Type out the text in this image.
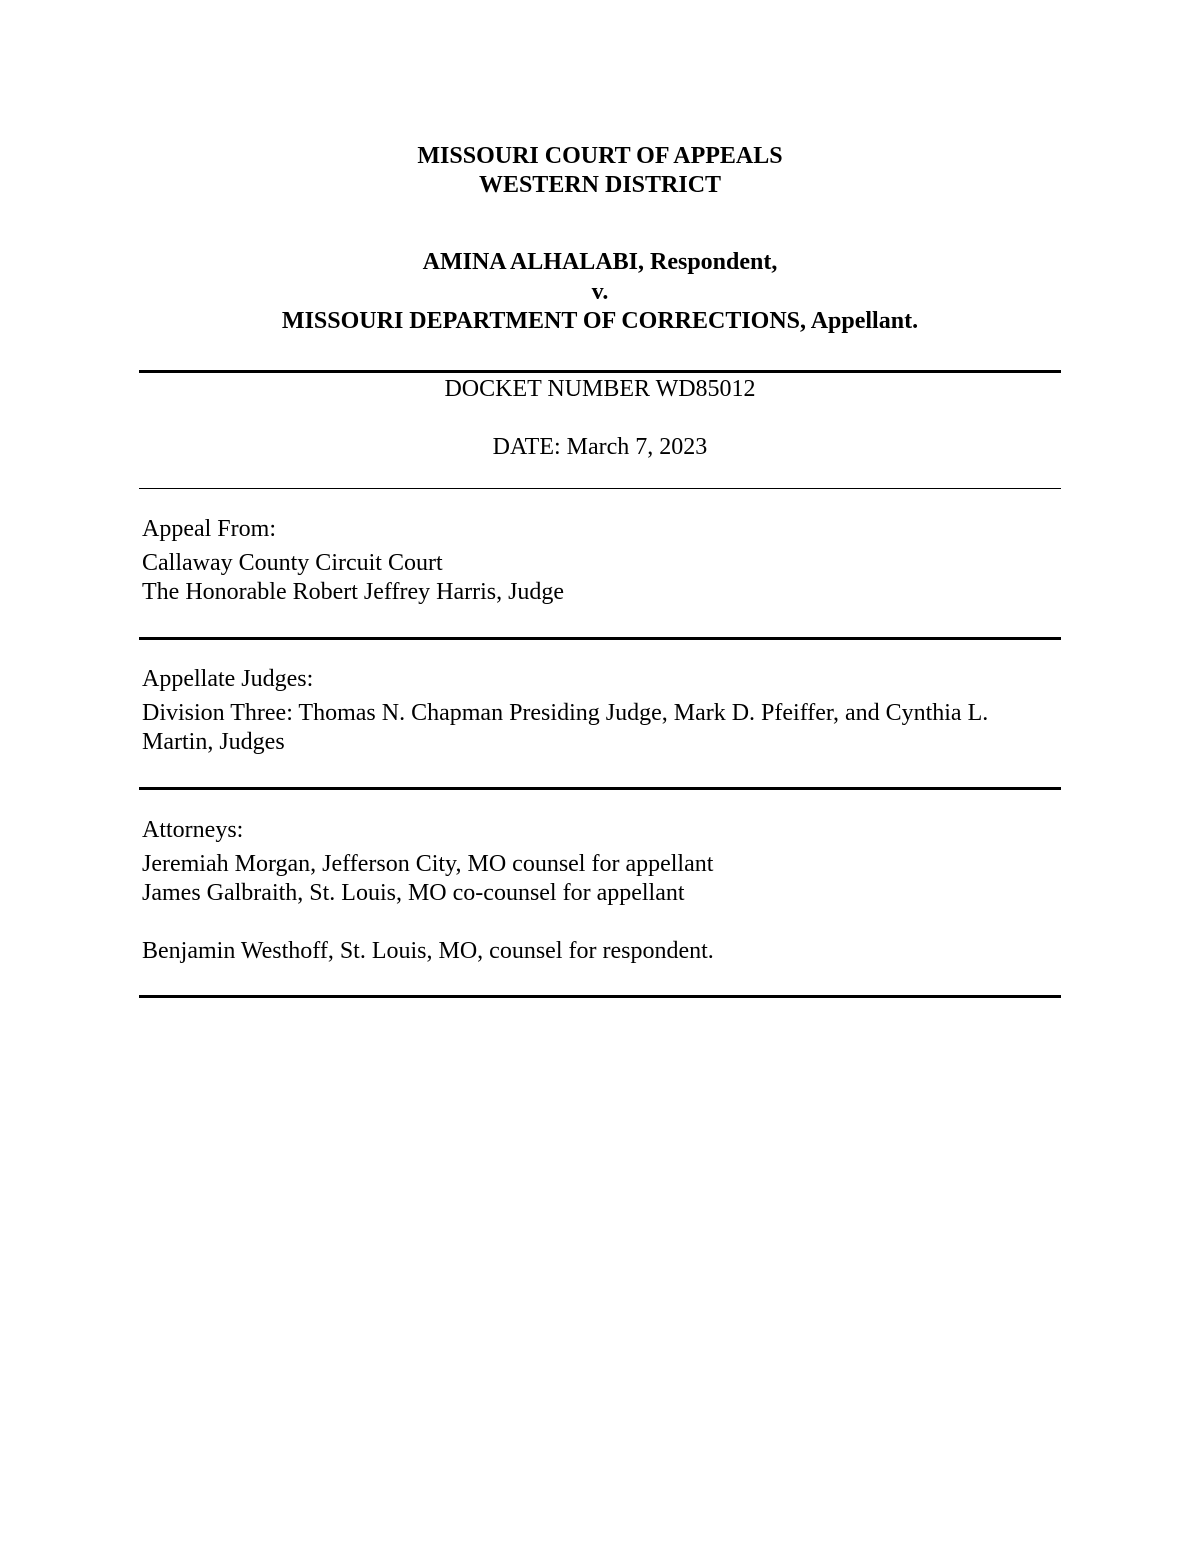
MISSOURI COURT OF APPEALS
WESTERN DISTRICT
AMINA ALHALABI, Respondent,
v.
MISSOURI DEPARTMENT OF CORRECTIONS, Appellant.
DOCKET NUMBER WD85012
DATE: March 7, 2023
Appeal From:
Callaway County Circuit Court
The Honorable Robert Jeffrey Harris, Judge
Appellate Judges:
Division Three: Thomas N. Chapman Presiding Judge, Mark D. Pfeiffer, and Cynthia L.
Martin, Judges
Attorneys:
Jeremiah Morgan, Jefferson City, MO counsel for appellant
James Galbraith, St. Louis, MO co-counsel for appellant
Benjamin Westhoff, St. Louis, MO, counsel for respondent.
